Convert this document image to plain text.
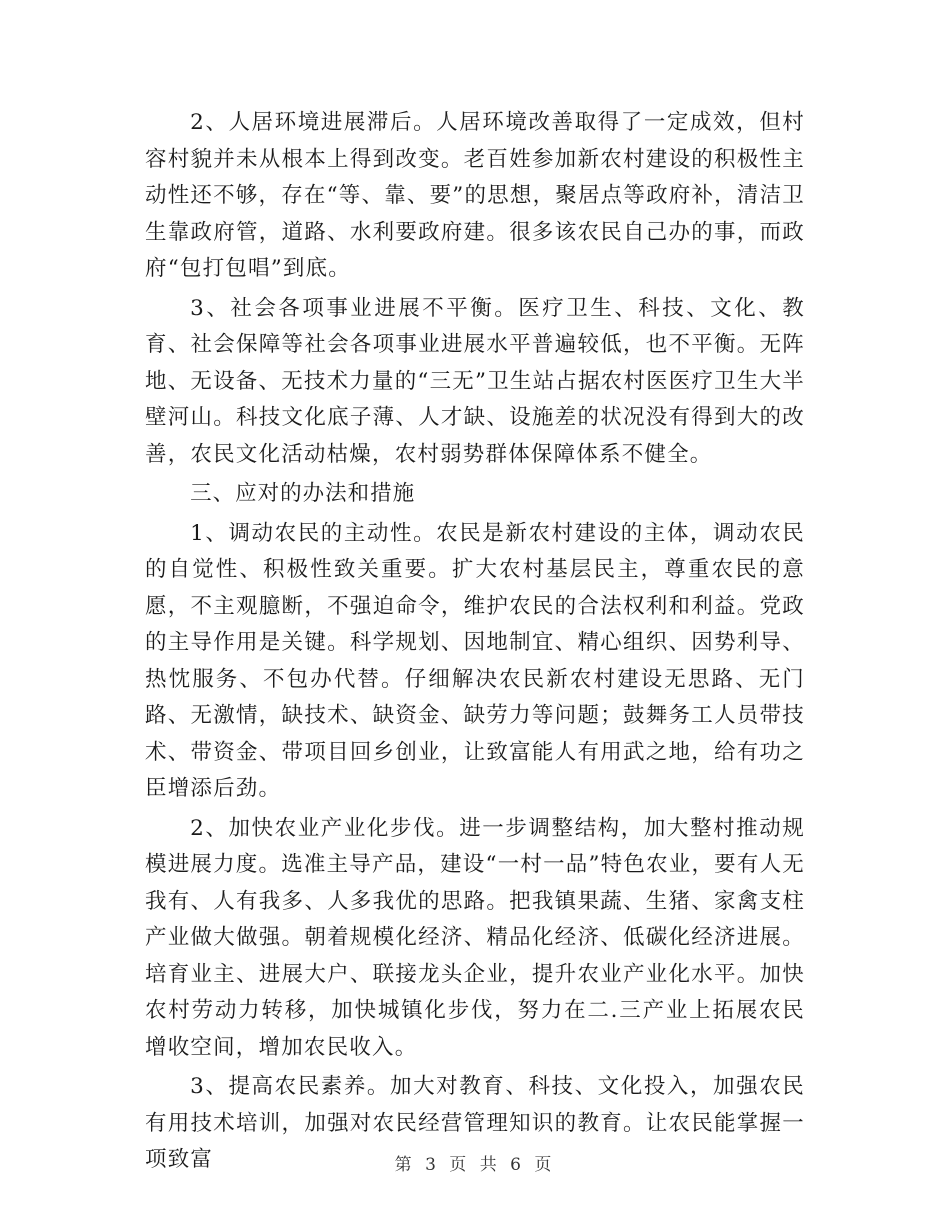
2、人居环境进展滞后。人居环境改善取得了一定成效，但村容村貌并未从根本上得到改变。老百姓参加新农村建设的积极性主动性还不够，存在“等、靠、要”的思想，聚居点等政府补，清洁卫生靠政府管，道路、水利要政府建。很多该农民自己办的事，而政府“包打包唱”到底。

3、社会各项事业进展不平衡。医疗卫生、科技、文化、教育、社会保障等社会各项事业进展水平普遍较低，也不平衡。无阵地、无设备、无技术力量的“三无”卫生站占据农村医医疗卫生大半壁河山。科技文化底子薄、人才缺、设施差的状况没有得到大的改善，农民文化活动枯燥，农村弱势群体保障体系不健全。

三、应对的办法和措施

1、调动农民的主动性。农民是新农村建设的主体，调动农民的自觉性、积极性致关重要。扩大农村基层民主，尊重农民的意愿，不主观臆断，不强迫命令，维护农民的合法权利和利益。党政的主导作用是关键。科学规划、因地制宜、精心组织、因势利导、热忱服务、不包办代替。仔细解决农民新农村建设无思路、无门路、无激情，缺技术、缺资金、缺劳力等问题；鼓舞务工人员带技术、带资金、带项目回乡创业，让致富能人有用武之地，给有功之臣增添后劲。

2、加快农业产业化步伐。进一步调整结构，加大整村推动规模进展力度。选准主导产品，建设“一村一品”特色农业，要有人无我有、人有我多、人多我优的思路。把我镇果蔬、生猪、家禽支柱产业做大做强。朝着规模化经济、精品化经济、低碳化经济进展。培育业主、进展大户、联接龙头企业，提升农业产业化水平。加快农村劳动力转移，加快城镇化步伐，努力在二.三产业上拓展农民增收空间，增加农民收入。

3、提高农民素养。加大对教育、科技、文化投入，加强农民有用技术培训，加强对农民经营管理知识的教育。让农民能掌握一项致富	第 3 页 共 6 页
